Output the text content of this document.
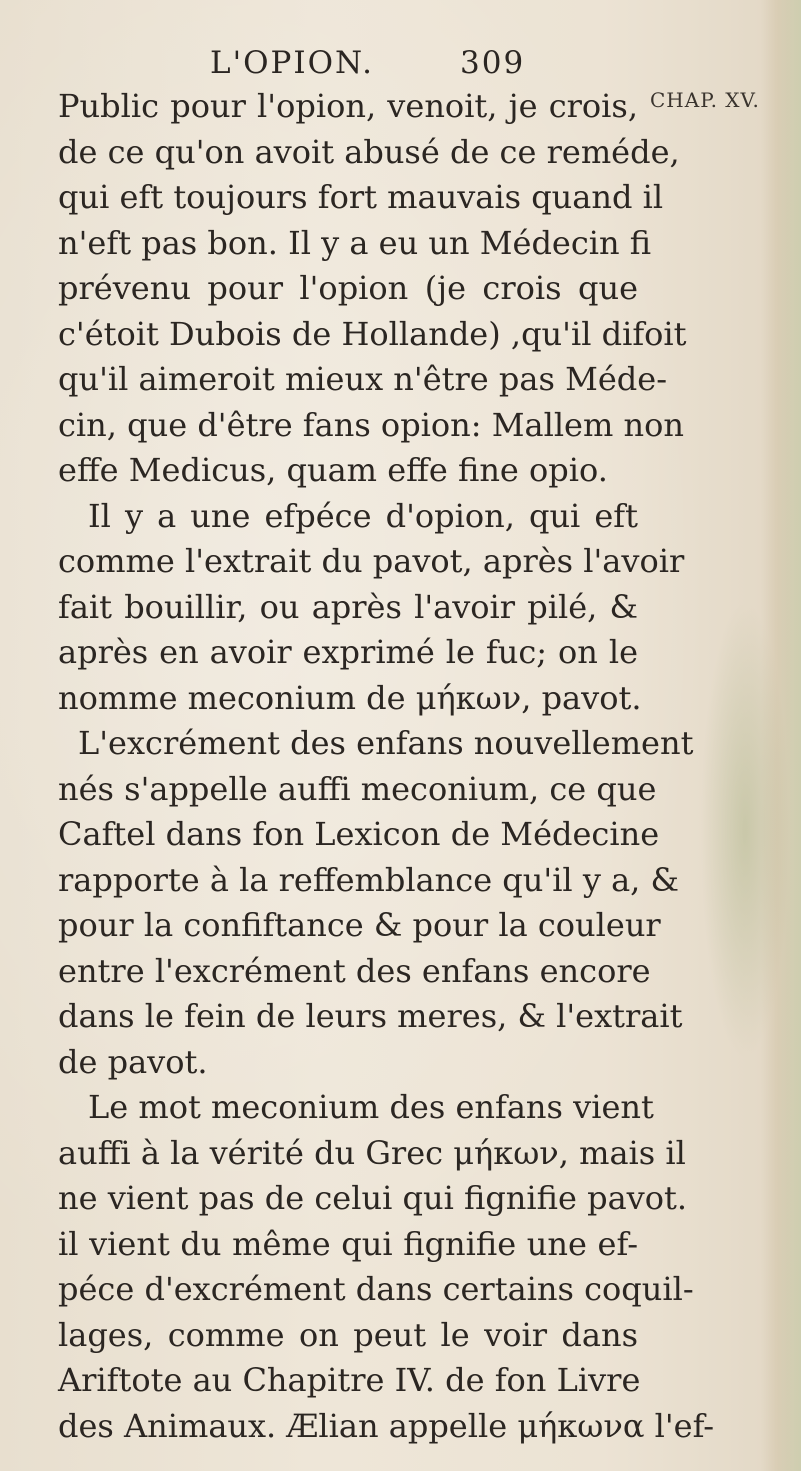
L'OPION.	309
CHAP. XV.
Public pour l'opion, venoit, je crois,
de ce qu'on avoit abusé de ce reméde,
qui eft toujours fort mauvais quand il
n'eft pas bon. Il y a eu un Médecin fi
prévenu pour l'opion (je crois que
c'étoit Dubois de Hollande) ,qu'il difoit
qu'il aimeroit mieux n'être pas Méde-
cin, que d'être fans opion: Mallem non
effe Medicus, quam effe fine opio.
Il y a une efpéce d'opion, qui eft
comme l'extrait du pavot, après l'avoir
fait bouillir, ou après l'avoir pilé, &
après en avoir exprimé le fuc; on le
nomme meconium de μήκων, pavot.
L'excrément des enfans nouvellement
nés s'appelle auffi meconium, ce que
Caftel dans fon Lexicon de Médecine
rapporte à la reffemblance qu'il y a, &
pour la confiftance & pour la couleur
entre l'excrément des enfans encore
dans le fein de leurs meres, & l'extrait
de pavot.
Le mot meconium des enfans vient
auffi à la vérité du Grec μήκων, mais il
ne vient pas de celui qui fignifie pavot.
il vient du même qui fignifie une ef-
péce d'excrément dans certains coquil-
lages, comme on peut le voir dans
Ariftote au Chapitre IV. de fon Livre
des Animaux. Ælian appelle μήκωνα l'ef-
